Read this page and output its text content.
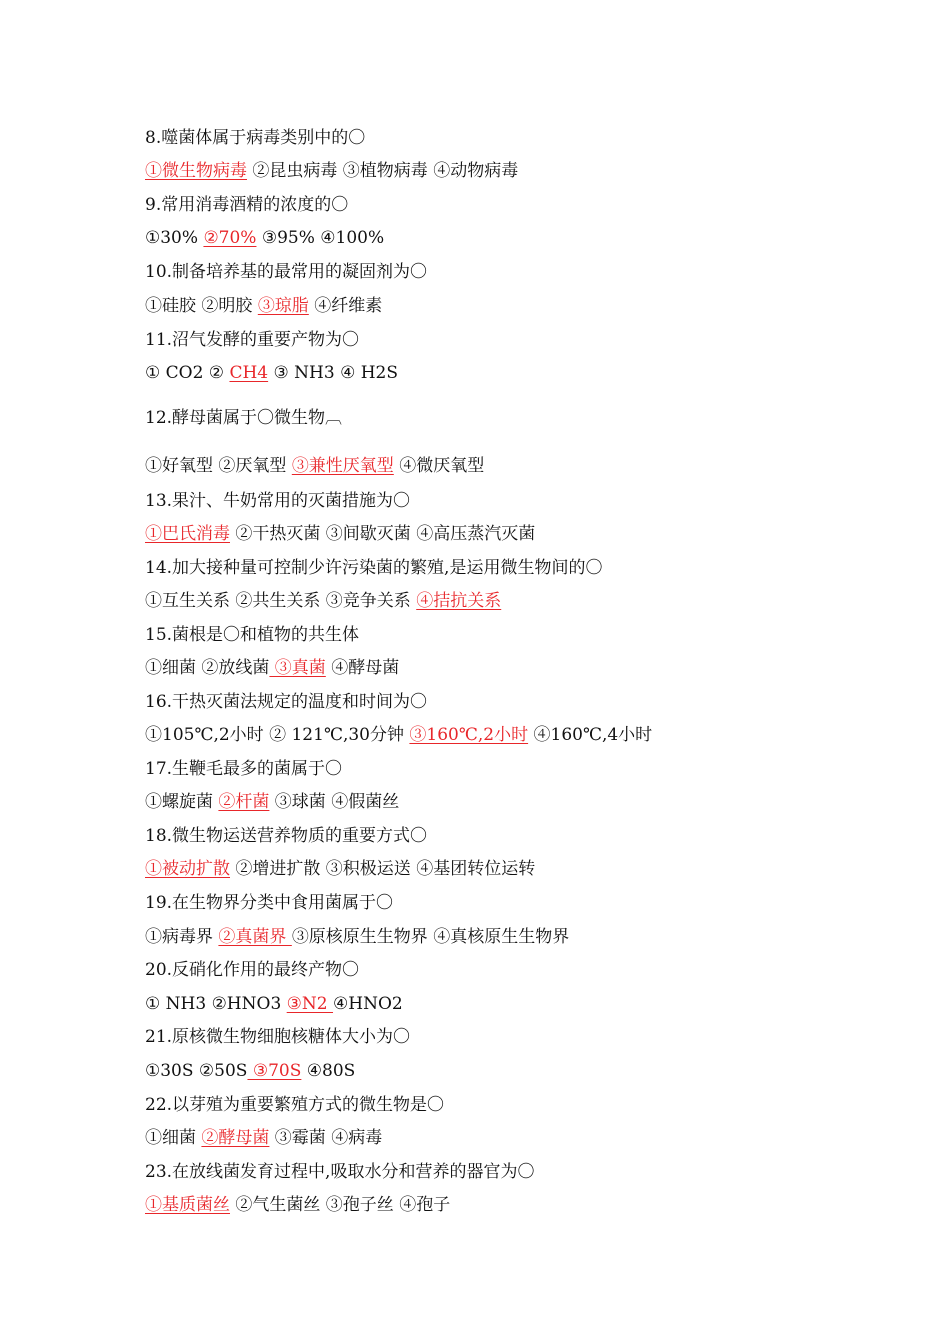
8.噬菌体属于病毒类别中的〇
①微生物病毒 ②昆虫病毒 ③植物病毒 ④动物病毒
9.常用消毒酒精的浓度的〇
①30% ②70% ③95% ④100%
10.制备培养基的最常用的凝固剂为〇
①硅胶 ②明胶 ③琼脂 ④纤维素
11.沼气发酵的重要产物为〇
① CO2 ② CH4 ③ NH3 ④ H2S
12.酵母菌属于〇微生物︹
①好氧型 ②厌氧型 ③兼性厌氧型 ④微厌氧型
13.果汁、牛奶常用的灭菌措施为〇
①巴氏消毒 ②干热灭菌 ③间歇灭菌 ④高压蒸汽灭菌
14.加大接种量可控制少许污染菌的繁殖,是运用微生物间的〇
①互生关系 ②共生关系 ③竞争关系 ④拮抗关系
15.菌根是〇和植物的共生体
①细菌 ②放线菌 ③真菌 ④酵母菌
16.干热灭菌法规定的温度和时间为〇
①105℃,2小时 ② 121℃,30分钟 ③160℃,2小时 ④160℃,4小时
17.生鞭毛最多的菌属于〇
①螺旋菌 ②杆菌 ③球菌 ④假菌丝
18.微生物运送营养物质的重要方式〇
①被动扩散 ②增进扩散 ③积极运送 ④基团转位运转
19.在生物界分类中食用菌属于〇
①病毒界 ②真菌界 ③原核原生生物界 ④真核原生生物界
20.反硝化作用的最终产物〇
① NH3 ②HNO3 ③N2 ④HNO2
21.原核微生物细胞核糖体大小为〇
①30S ②50S ③70S ④80S
22.以芽殖为重要繁殖方式的微生物是〇
①细菌 ②酵母菌 ③霉菌 ④病毒
23.在放线菌发育过程中,吸取水分和营养的器官为〇
①基质菌丝 ②气生菌丝 ③孢子丝 ④孢子
